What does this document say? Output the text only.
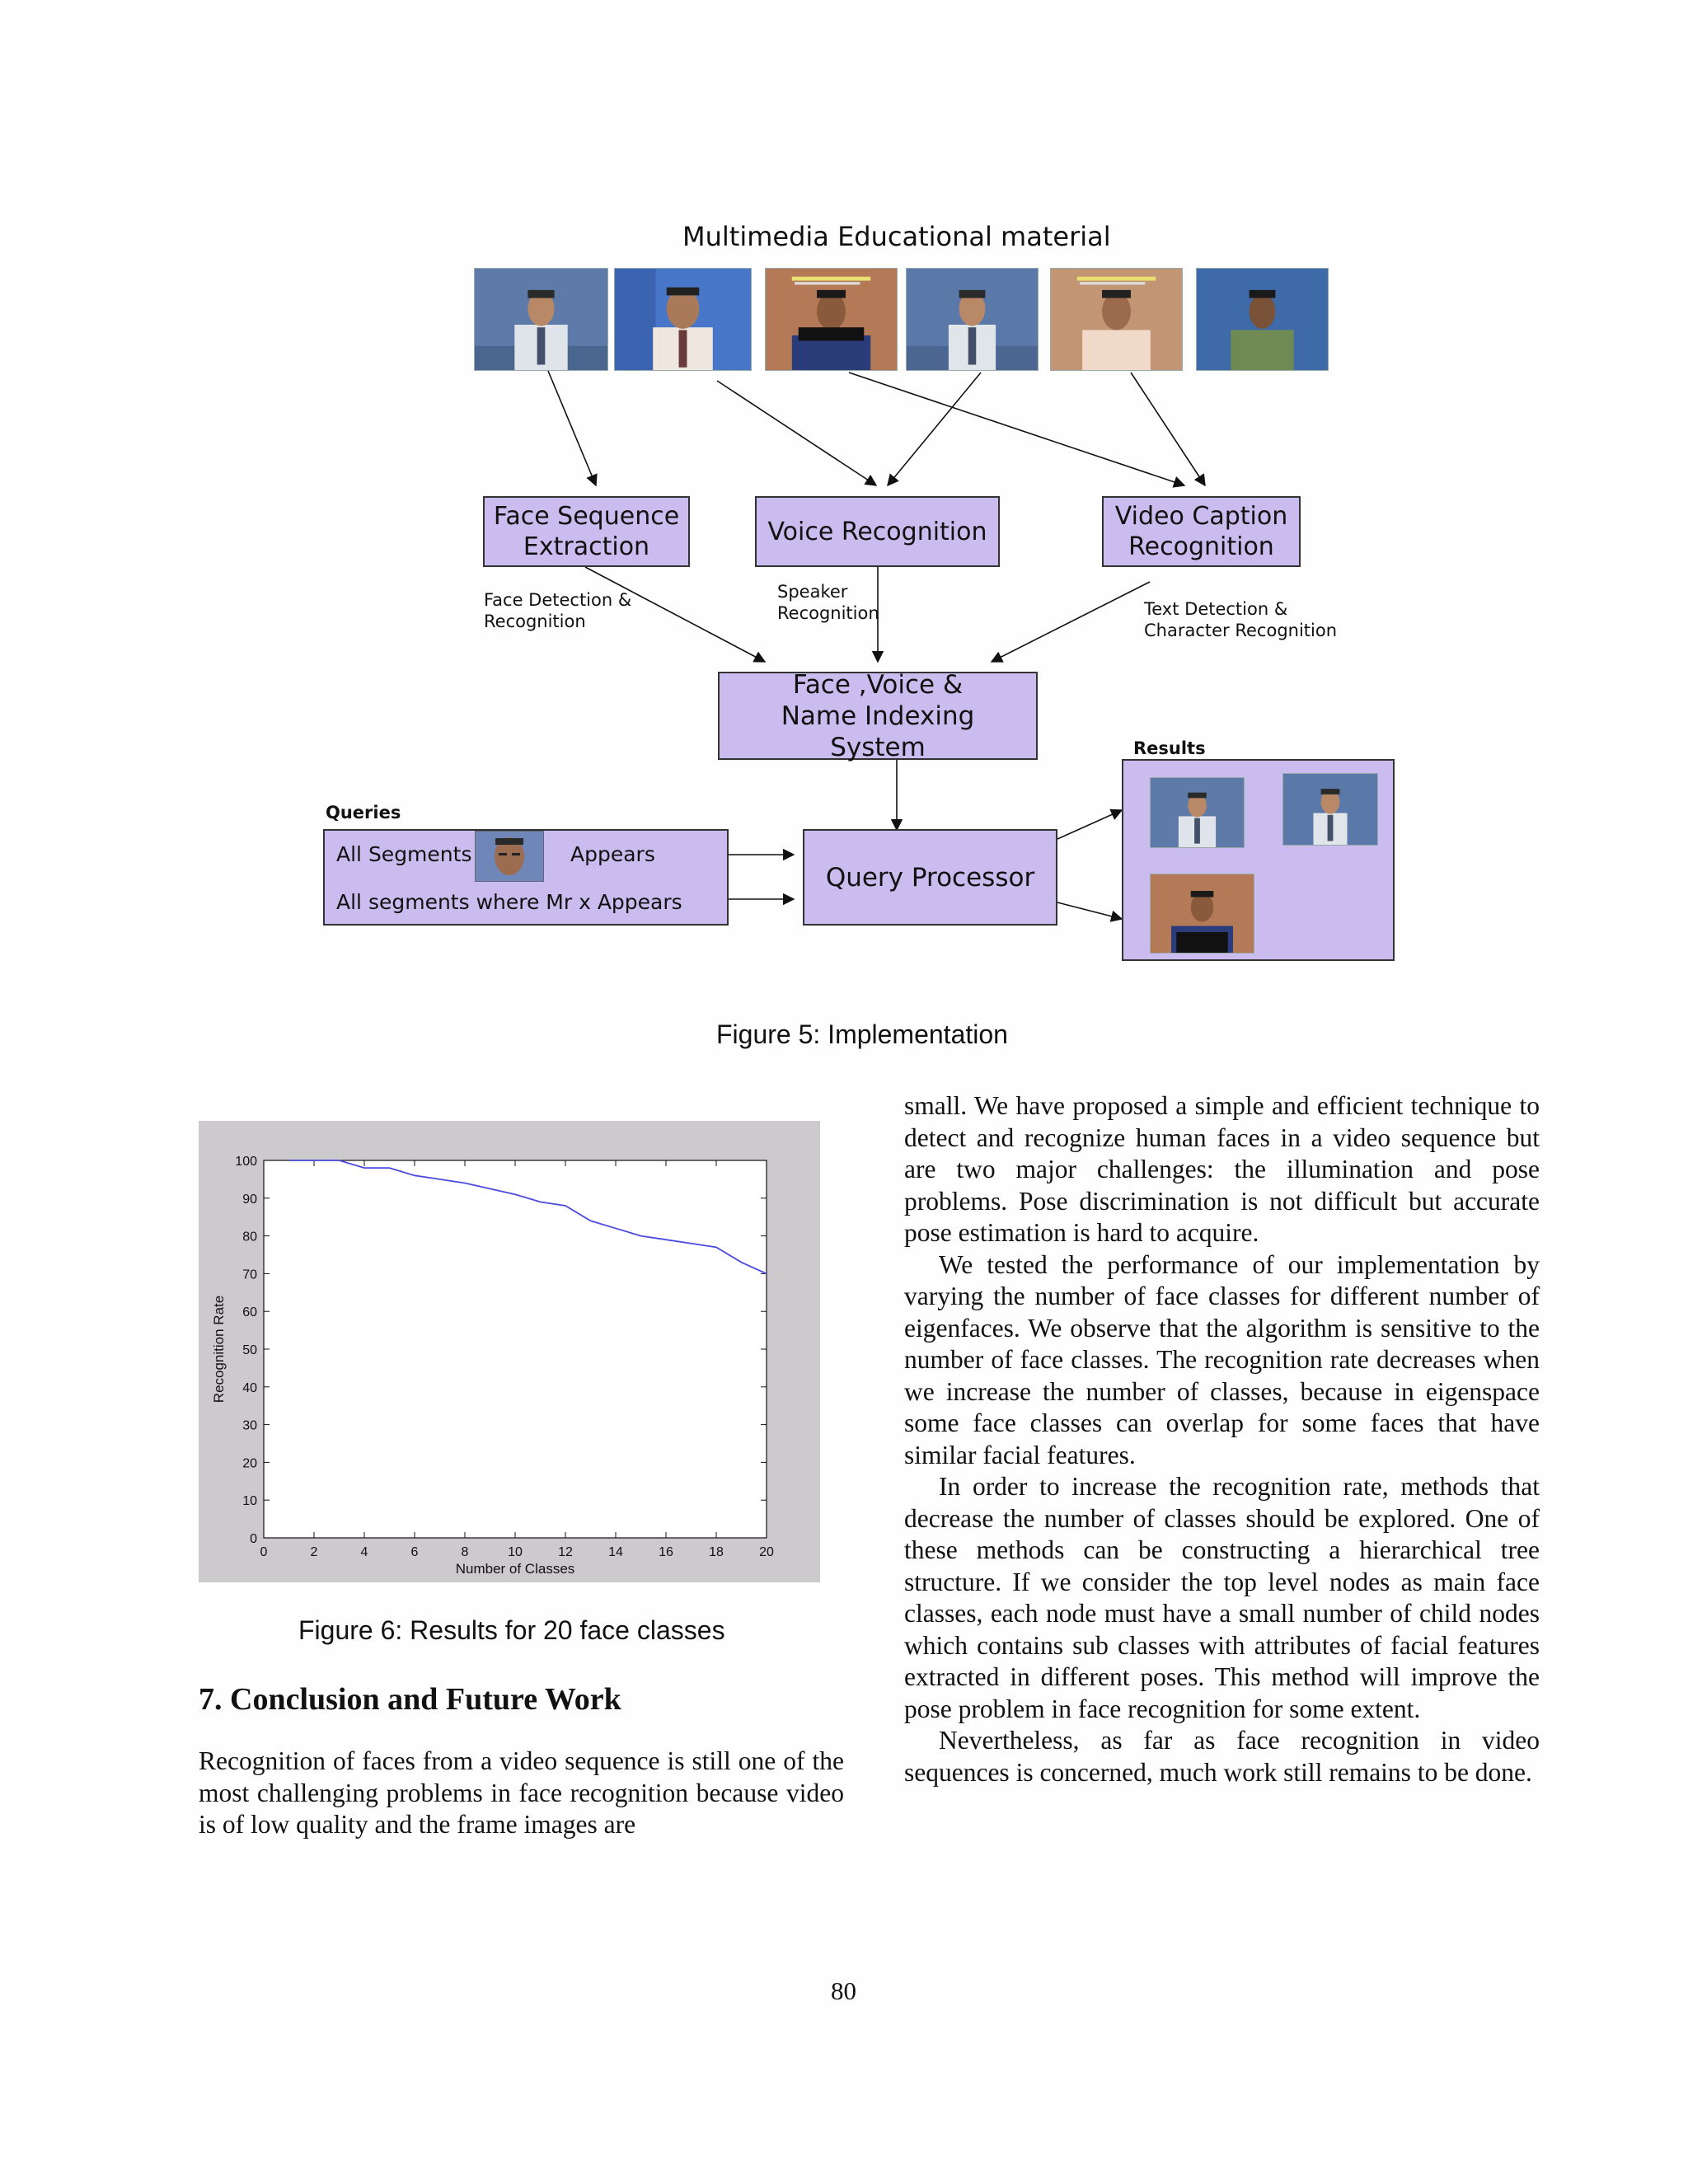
Multimedia Educational material
Face Sequence Extraction
Voice Recognition
Video Caption Recognition
Face ,Voice & Name Indexing System
Query Processor
Face Detection & Recognition
Speaker Recognition	Text Detection & Character Recognition
Queries
All Segments	Appears
All segments where Mr x Appears
Results
Figure 5: Implementation
0	2	4	6	8	10	12	14	16	18	20
0
10
20
30
40
50
60
70
80
90
100
Number of Classes
Recognition Rate
Figure 6: Results for 20 face classes
7. Conclusion and Future Work

Recognition of faces from a video sequence is still one of the most challenging problems in face recognition because video is of low quality and the frame images are

small. We have proposed a simple and efficient technique to detect and recognize human faces in a video sequence but are two major challenges: the illumination and pose problems. Pose discrimination is not difficult but accurate pose estimation is hard to acquire.

We tested the performance of our implementation by varying the number of face classes for different number of eigenfaces. We observe that the algorithm is sensitive to the number of face classes. The recognition rate decreases when we increase the number of classes, because in eigenspace some face classes can overlap for some faces that have similar facial features.

In order to increase the recognition rate, methods that decrease the number of classes should be explored. One of these methods can be constructing a hierarchical tree structure. If we consider the top level nodes as main face classes, each node must have a small number of child nodes which contains sub classes with attributes of facial features extracted in different poses. This method will improve the pose problem in face recognition for some extent.

Nevertheless, as far as face recognition in video sequences is concerned, much work still remains to be done.

80
